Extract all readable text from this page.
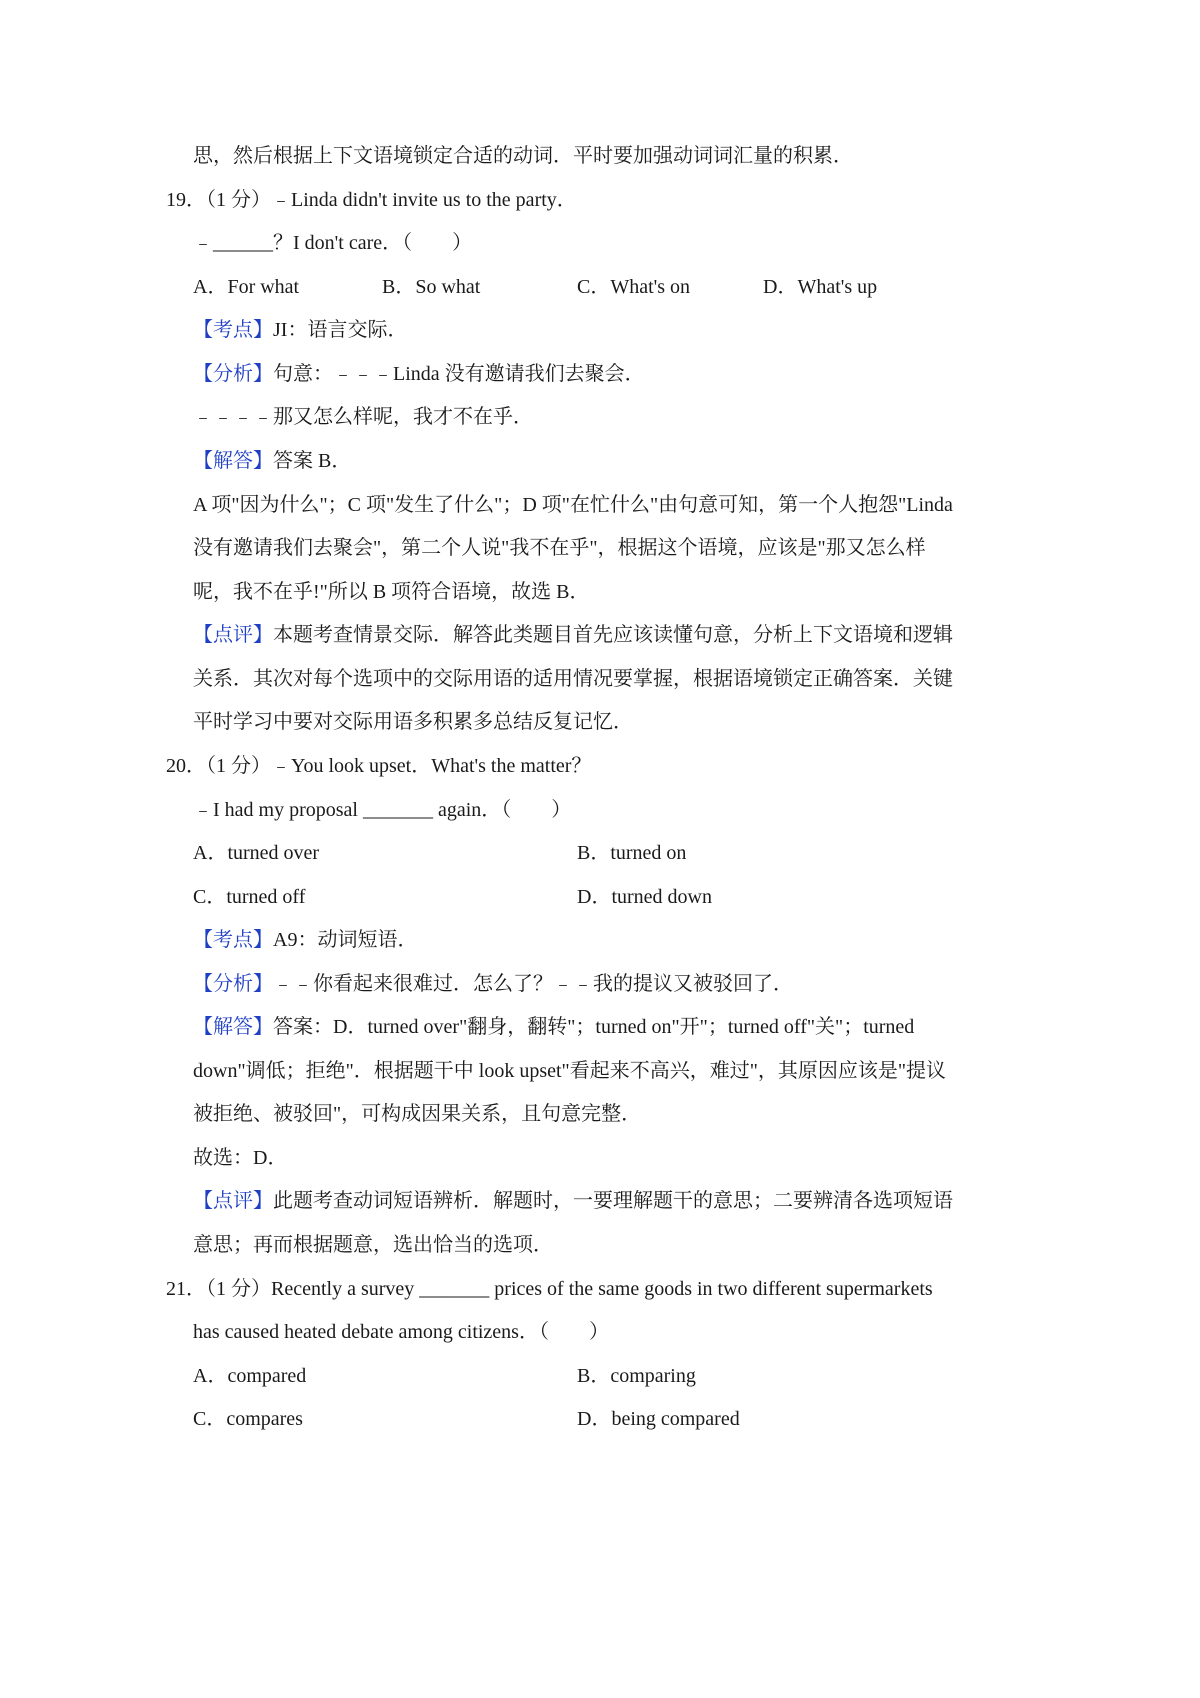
思，然后根据上下文语境锁定合适的动词．平时要加强动词词汇量的积累．
19．（1 分）﹣Linda didn't invite us to the party．
﹣______？I don't care．（　　）
A．For what	B．So what	C．What's on	D．What's up
【考点】JI：语言交际．
【分析】句意：﹣﹣﹣Linda 没有邀请我们去聚会．
﹣﹣﹣﹣那又怎么样呢，我才不在乎．
【解答】答案 B．
A 项"因为什么"；C 项"发生了什么"；D 项"在忙什么"由句意可知，第一个人抱怨"Linda
没有邀请我们去聚会"，第二个人说"我不在乎"，根据这个语境，应该是"那又怎么样
呢，我不在乎!"所以 B 项符合语境，故选 B．
【点评】本题考查情景交际．解答此类题目首先应该读懂句意，分析上下文语境和逻辑
关系．其次对每个选项中的交际用语的适用情况要掌握，根据语境锁定正确答案．关键
平时学习中要对交际用语多积累多总结反复记忆．
20．（1 分）﹣You look upset．What's the matter？
﹣I had my proposal _______ again．（　　）
A．turned over	B．turned on
C．turned off	D．turned down
【考点】A9：动词短语．
【分析】﹣﹣你看起来很难过．怎么了？﹣﹣我的提议又被驳回了．
【解答】答案：D．turned over"翻身，翻转"；turned on"开"；turned off"关"；turned
down"调低；拒绝"．根据题干中 look upset"看起来不高兴，难过"，其原因应该是"提议
被拒绝、被驳回"，可构成因果关系，且句意完整．
故选：D．
【点评】此题考查动词短语辨析．解题时，一要理解题干的意思；二要辨清各选项短语
意思；再而根据题意，选出恰当的选项．
21．（1 分）Recently a survey _______ prices of the same goods in two different supermarkets
has caused heated debate among citizens．（　　）
A．compared	B．comparing
C．compares	D．being compared
